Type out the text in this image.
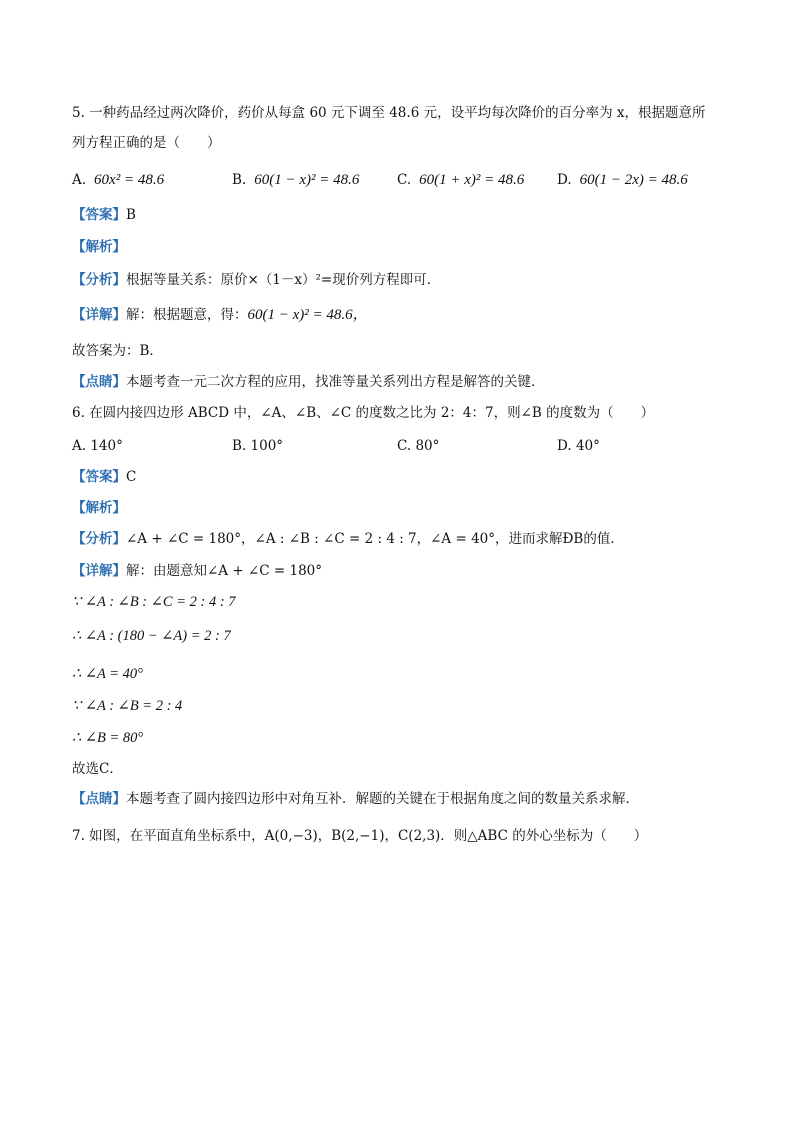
5. 一种药品经过两次降价，药价从每盒 60 元下调至 48.6 元，设平均每次降价的百分率为 x，根据题意所
列方程正确的是（　　）
A. 60x² = 48.6	B. 60(1 − x)² = 48.6	C. 60(1 + x)² = 48.6 D. 60(1 − 2x) = 48.6
【答案】B
【解析】
【分析】根据等量关系：原价×（1－x）²=现价列方程即可．
【详解】解：根据题意，得：60(1 − x)² = 48.6，
故答案为：B．
【点睛】本题考查一元二次方程的应用，找准等量关系列出方程是解答的关键．
6. 在圆内接四边形 ABCD 中，∠A、∠B、∠C 的度数之比为 2：4：7，则∠B 的度数为（　　）
A. 140°	B. 100°	C. 80°	D. 40°
【答案】C
【解析】
【分析】∠A + ∠C = 180°，∠A : ∠B : ∠C = 2 : 4 : 7，∠A = 40°，进而求解ÐB的值．
【详解】解：由题意知∠A + ∠C = 180°
∵ ∠A : ∠B : ∠C = 2 : 4 : 7
∴ ∠A : (180 − ∠A) = 2 : 7
∴ ∠A = 40°
∵ ∠A : ∠B = 2 : 4
∴ ∠B = 80°
故选C．
【点睛】本题考查了圆内接四边形中对角互补．解题的关键在于根据角度之间的数量关系求解．
7. 如图，在平面直角坐标系中，A(0,−3)，B(2,−1)，C(2,3)．则△ABC 的外心坐标为（　　）
